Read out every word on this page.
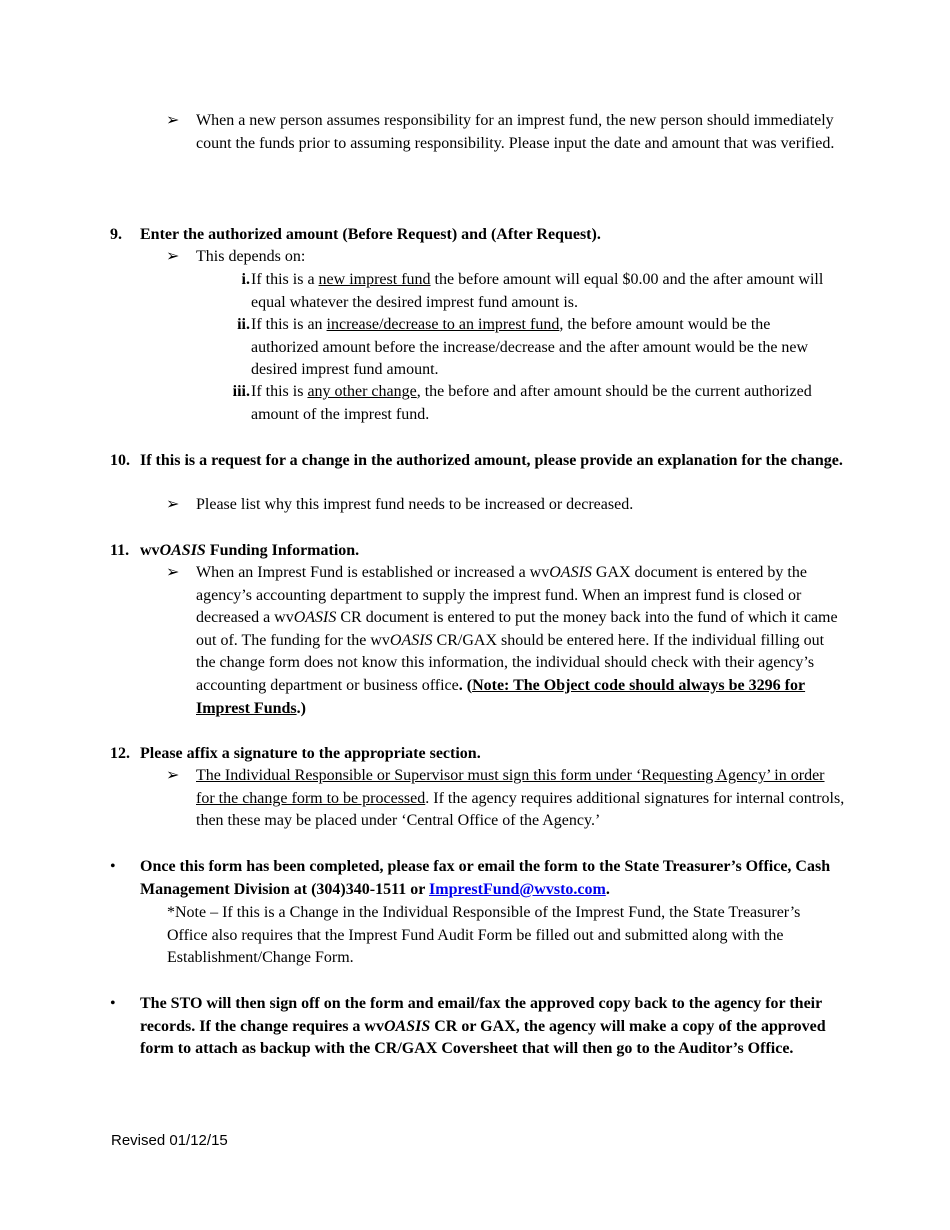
➢	When a new person assumes responsibility for an imprest fund, the new person should immediately count the funds prior to assuming responsibility. Please input the date and amount that was verified.
9. Enter the authorized amount (Before Request) and (After Request).
➢	This depends on:
i. If this is a new imprest fund the before amount will equal $0.00 and the after amount will equal whatever the desired imprest fund amount is.
ii. If this is an increase/decrease to an imprest fund, the before amount would be the authorized amount before the increase/decrease and the after amount would be the new desired imprest fund amount.
iii. If this is any other change, the before and after amount should be the current authorized amount of the imprest fund.
10. If this is a request for a change in the authorized amount, please provide an explanation for the change.
➢	Please list why this imprest fund needs to be increased or decreased.
11. wvOASIS Funding Information.
➢	When an Imprest Fund is established or increased a wvOASIS GAX document is entered by the agency’s accounting department to supply the imprest fund. When an imprest fund is closed or decreased a wvOASIS CR document is entered to put the money back into the fund of which it came out of. The funding for the wvOASIS CR/GAX should be entered here. If the individual filling out the change form does not know this information, the individual should check with their agency’s accounting department or business office. (Note: The Object code should always be 3296 for Imprest Funds.)
12. Please affix a signature to the appropriate section.
➢	The Individual Responsible or Supervisor must sign this form under ‘Requesting Agency’ in order for the change form to be processed. If the agency requires additional signatures for internal controls, then these may be placed under ‘Central Office of the Agency.’
• Once this form has been completed, please fax or email the form to the State Treasurer’s Office, Cash Management Division at (304)340-1511 or ImprestFund@wvsto.com.
*Note – If this is a Change in the Individual Responsible of the Imprest Fund, the State Treasurer’s Office also requires that the Imprest Fund Audit Form be filled out and submitted along with the Establishment/Change Form.
• The STO will then sign off on the form and email/fax the approved copy back to the agency for their records. If the change requires a wvOASIS CR or GAX, the agency will make a copy of the approved form to attach as backup with the CR/GAX Coversheet that will then go to the Auditor’s Office.
Revised 01/12/15
